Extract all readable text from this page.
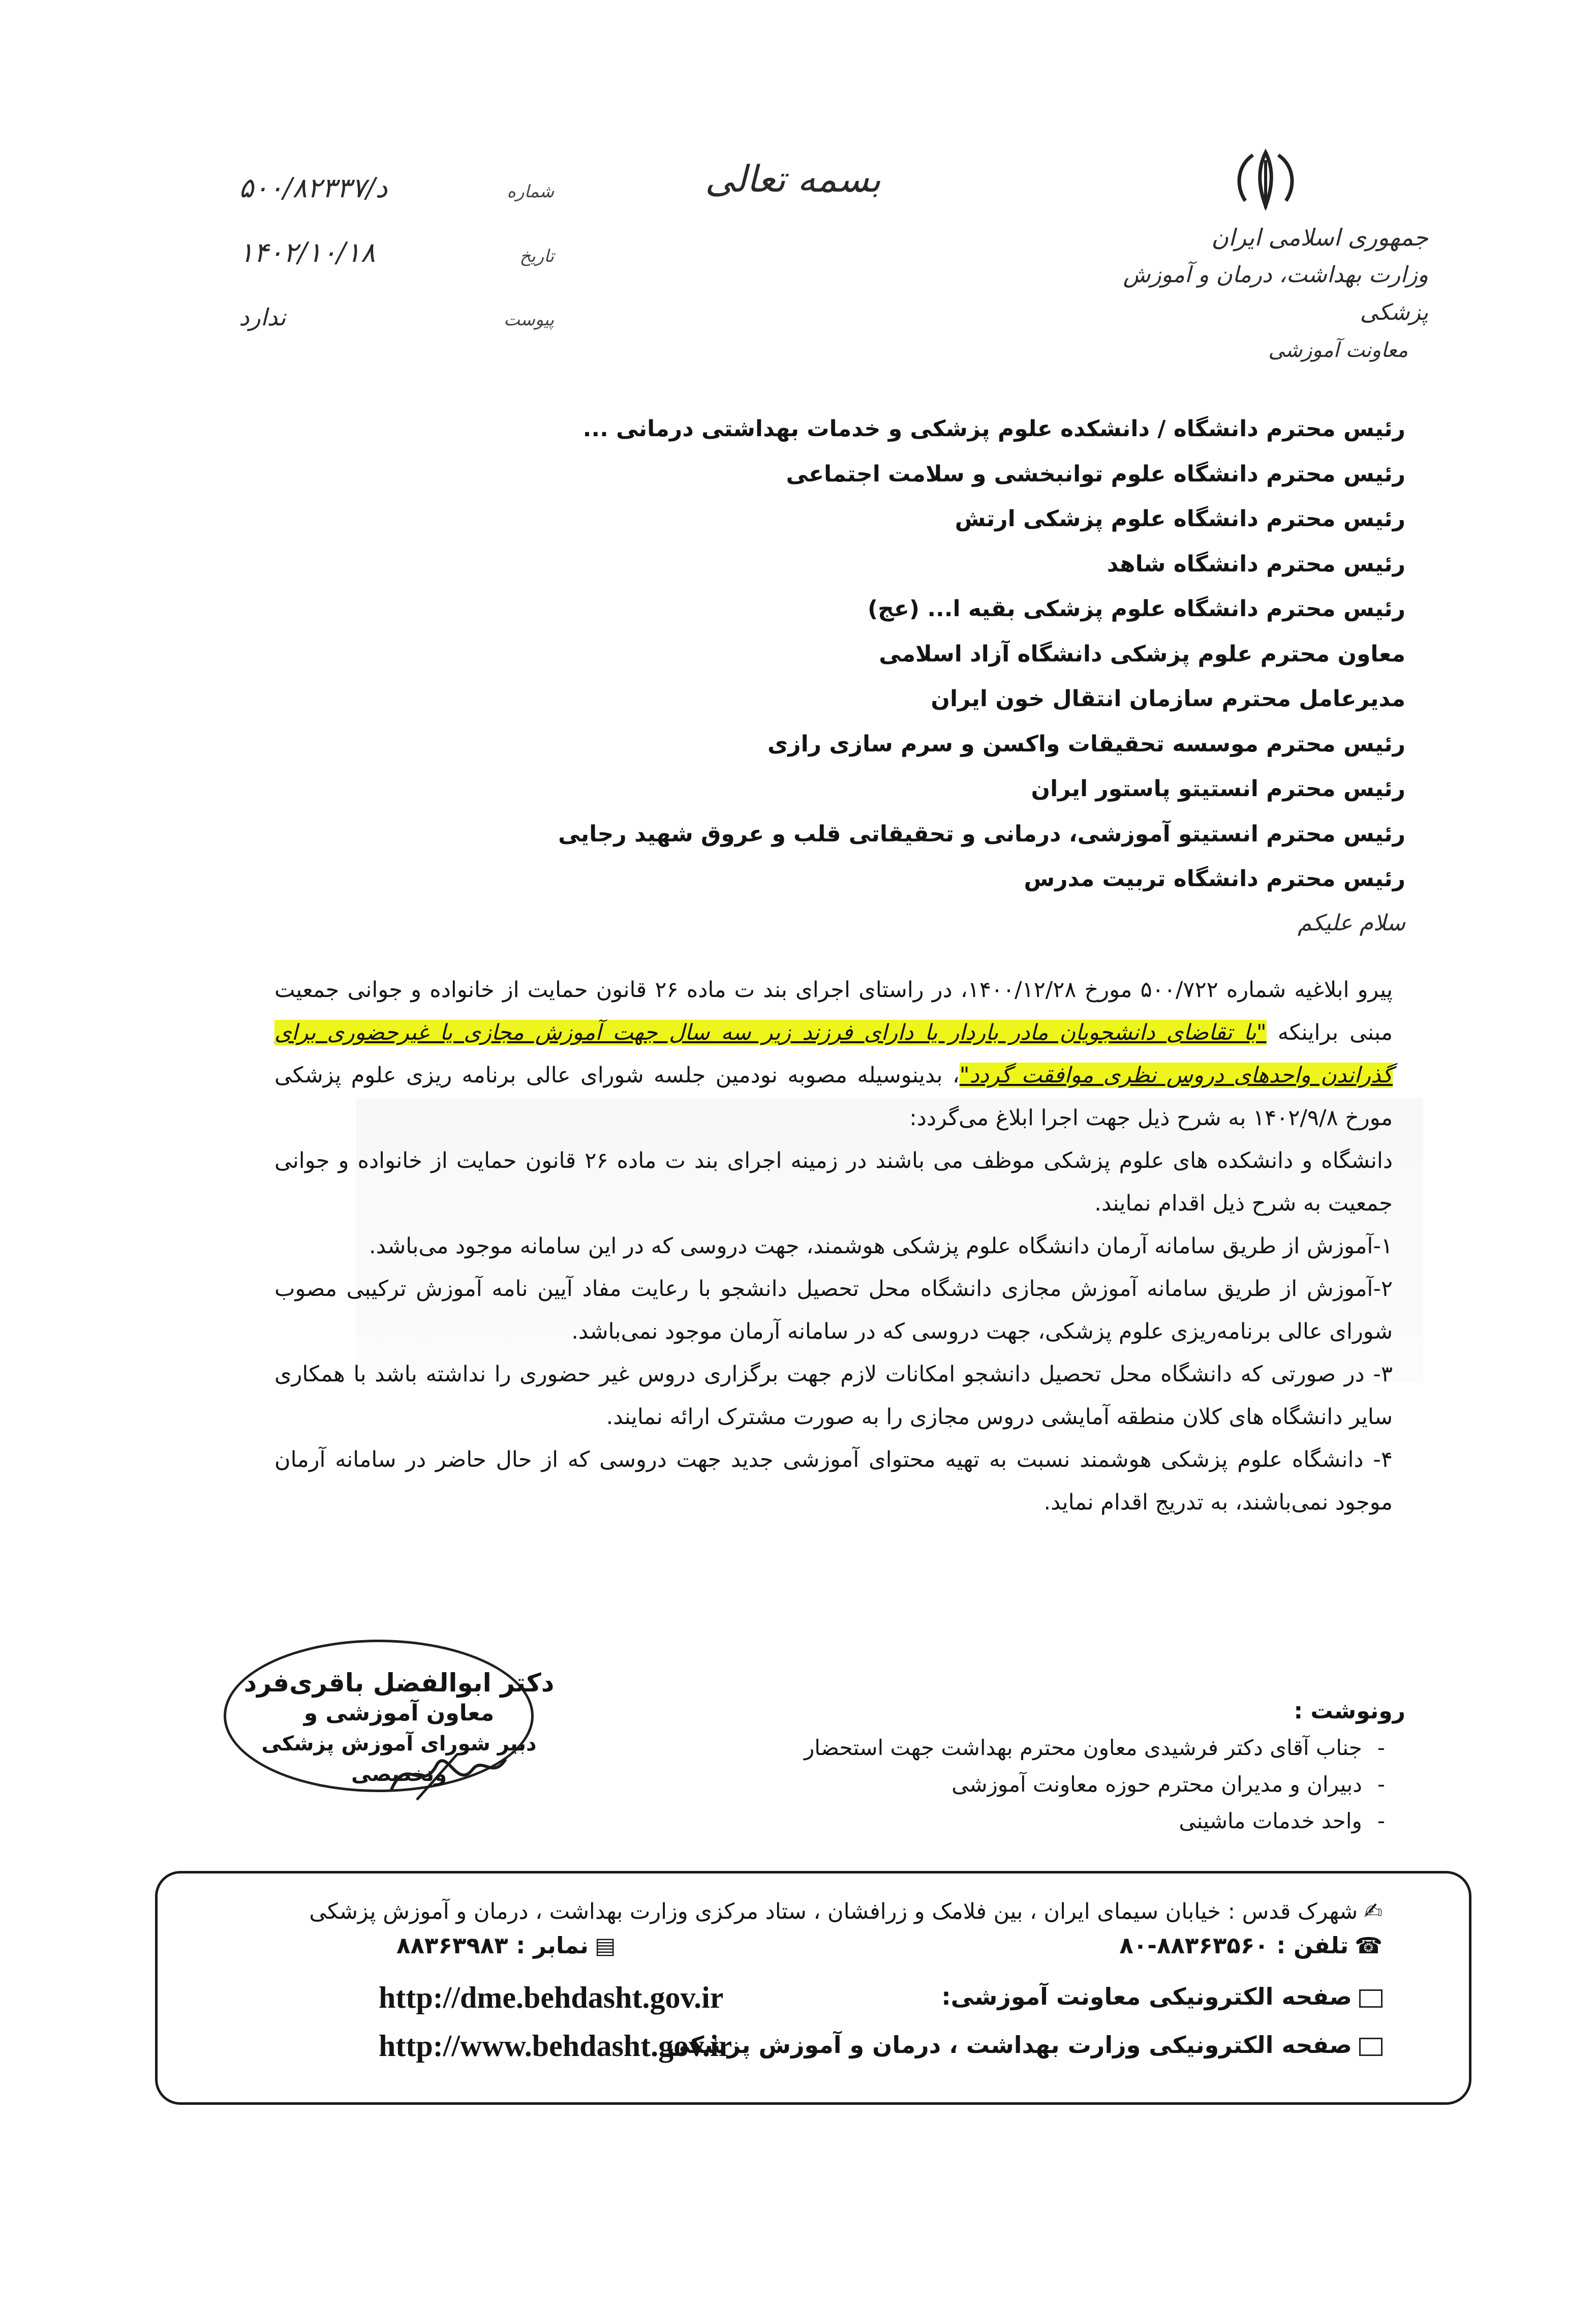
بسمه تعالی
جمهوری اسلامی ایران
وزارت بهداشت، درمان و آموزش پزشکی
معاونت آموزشی
شماره
د/۵۰۰/۸۲۳۳۷
تاریخ
۱۴۰۲/۱۰/۱۸
پیوست
ندارد
رئیس محترم دانشگاه / دانشکده علوم پزشکی و خدمات بهداشتی درمانی ...
رئیس محترم دانشگاه علوم توانبخشی و سلامت اجتماعی
رئیس محترم دانشگاه علوم پزشکی ارتش
رئیس محترم دانشگاه شاهد
رئیس محترم دانشگاه علوم پزشکی بقیه ا... (عج)
معاون محترم علوم پزشکی دانشگاه آزاد اسلامی
مدیرعامل محترم سازمان انتقال خون ایران
رئیس محترم موسسه تحقیقات واکسن و سرم سازی رازی
رئیس محترم انستیتو پاستور ایران
رئیس محترم انستیتو آموزشی، درمانی و تحقیقاتی قلب و عروق شهید رجایی
رئیس محترم دانشگاه تربیت مدرس
سلام علیکم

پیرو ابلاغیه شماره ۵۰۰/۷۲۲ مورخ ۱۴۰۰/۱۲/۲۸، در راستای اجرای بند ت ماده ۲۶ قانون حمایت از خانواده و جوانی جمعیت مبنی براینکه "با تقاضای دانشجویان مادر باردار یا دارای فرزند زیر سه سال جهت آموزش مجازی یا غیرحضوری برای گذراندن واحدهای دروس نظری موافقت گردد"، بدینوسیله مصوبه نودمین جلسه شورای عالی برنامه ریزی علوم پزشکی مورخ ۱۴۰۲/۹/۸ به شرح ذیل جهت اجرا ابلاغ می‌گردد:

دانشگاه و دانشکده های علوم پزشکی موظف می باشند در زمینه اجرای بند ت ماده ۲۶ قانون حمایت از خانواده و جوانی جمعیت به شرح ذیل اقدام نمایند.

۱-آموزش از طریق سامانه آرمان دانشگاه علوم پزشکی هوشمند، جهت دروسی که در این سامانه موجود می‌باشد.

۲-آموزش از طریق سامانه آموزش مجازی دانشگاه محل تحصیل دانشجو با رعایت مفاد آیین نامه آموزش ترکیبی مصوب شورای عالی برنامه‌ریزی علوم پزشکی، جهت دروسی که در سامانه آرمان موجود نمی‌باشد.

۳- در صورتی که دانشگاه محل تحصیل دانشجو امکانات لازم جهت برگزاری دروس غیر حضوری را نداشته باشد با همکاری سایر دانشگاه های کلان منطقه آمایشی دروس مجازی را به صورت مشترک ارائه نمایند.

۴- دانشگاه علوم پزشکی هوشمند نسبت به تهیه محتوای آموزشی جدید جهت دروسی که از حال حاضر در سامانه آرمان موجود نمی‌باشند، به تدریج اقدام نماید.

دکتر ابوالفضل باقری‌فرد
معاون آموزشی و
دبیر شورای آموزش پزشکی وتخصصی
رونوشت :
-
جناب آقای دکتر فرشیدی معاون محترم بهداشت جهت استحضار
-
دبیران و مدیران محترم حوزه معاونت آموزشی
-
واحد خدمات ماشینی
✍شهرک قدس : خیابان سیمای ایران ، بین فلامک و زرافشان ، ستاد مرکزی وزارت بهداشت ، درمان و آموزش پزشکی
☎تلفن : ۸۸۳۶۳۵۶۰-۸۰
▤نمابر : ۸۸۳۶۳۹۸۳
صفحه الکترونیکی معاونت آموزشی:
صفحه الکترونیکی وزارت بهداشت ، درمان و آموزش پزشکی
http://dme.behdasht.gov.ir
http://www.behdasht.gov.ir
